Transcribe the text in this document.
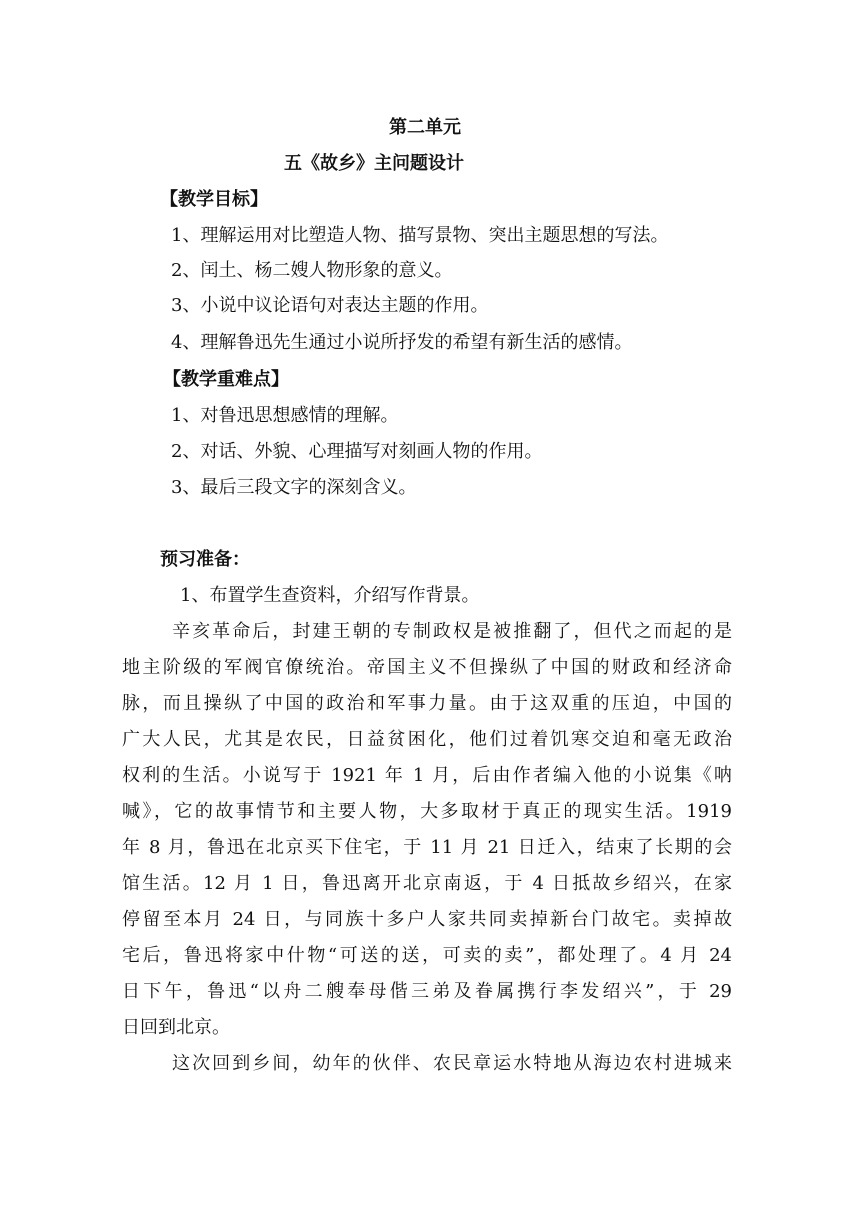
第二单元
五《故乡》主问题设计
【教学目标】
1、理解运用对比塑造人物、描写景物、突出主题思想的写法。
2、闰土、杨二嫂人物形象的意义。
3、小说中议论语句对表达主题的作用。
4、理解鲁迅先生通过小说所抒发的希望有新生活的感情。
【教学重难点】
1、对鲁迅思想感情的理解。
2、对话、外貌、心理描写对刻画人物的作用。
3、最后三段文字的深刻含义。
预习准备：
1、布置学生查资料，介绍写作背景。
辛亥革命后，封建王朝的专制政权是被推翻了，但代之而起的是
地主阶级的军阀官僚统治。帝国主义不但操纵了中国的财政和经济命
脉，而且操纵了中国的政治和军事力量。由于这双重的压迫，中国的
广大人民，尤其是农民，日益贫困化，他们过着饥寒交迫和毫无政治
权利的生活。小说写于 1921 年 1 月，后由作者编入他的小说集《呐
喊》，它的故事情节和主要人物，大多取材于真正的现实生活。1919
年 8 月，鲁迅在北京买下住宅，于 11 月 21 日迁入，结束了长期的会
馆生活。12 月 1 日，鲁迅离开北京南返，于 4 日抵故乡绍兴，在家
停留至本月 24 日，与同族十多户人家共同卖掉新台门故宅。卖掉故
宅后，鲁迅将家中什物“可送的送，可卖的卖”，都处理了。4 月 24
日下午，鲁迅“以舟二艘奉母偕三弟及眷属携行李发绍兴”，于 29
日回到北京。
这次回到乡间，幼年的伙伴、农民章运水特地从海边农村进城来
